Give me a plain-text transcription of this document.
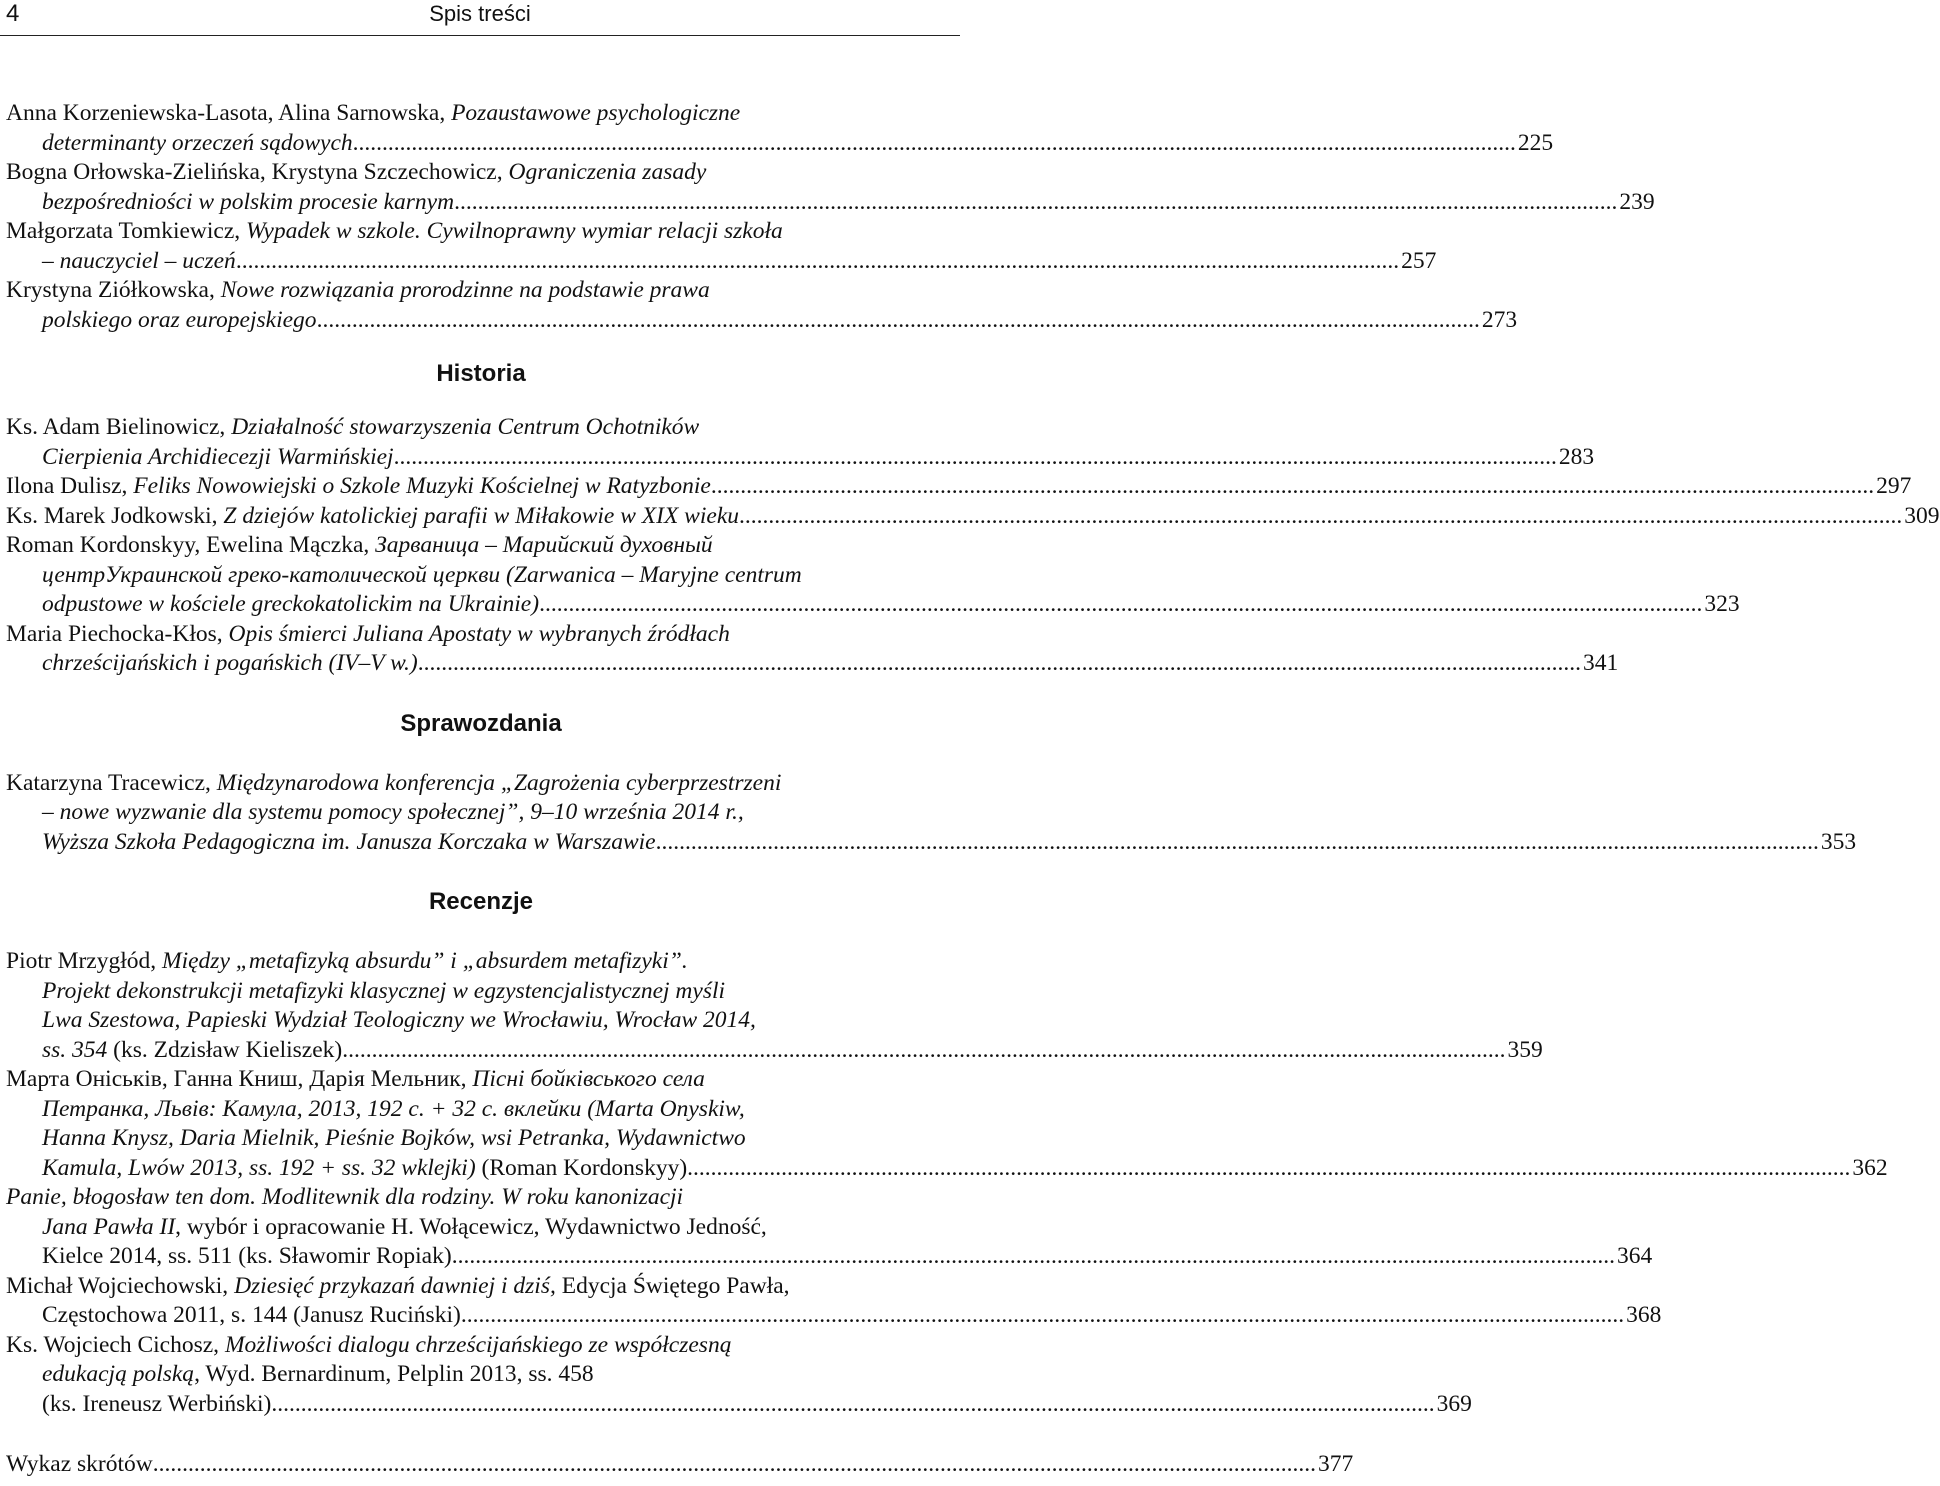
4	Spis treści
Anna Korzeniewska-Lasota, Alina Sarnowska, Pozaustawowe psychologiczne
determinanty orzeczeń sądowych .....	225
Bogna Orłowska-Zielińska, Krystyna Szczechowicz, Ograniczenia zasady
bezpośredniości w polskim procesie karnym .....	239
Małgorzata Tomkiewicz, Wypadek w szkole. Cywilnoprawny wymiar relacji szkoła
– nauczyciel – uczeń .....	257
Krystyna Ziółkowska, Nowe rozwiązania prorodzinne na podstawie prawa
polskiego oraz europejskiego .....	273
Historia
Ks. Adam Bielinowicz, Działalność stowarzyszenia Centrum Ochotników
Cierpienia Archidiecezji Warmińskiej .....	283
Ilona Dulisz, Feliks Nowowiejski o Szkole Muzyki Kościelnej w Ratyzbonie .....	297
Ks. Marek Jodkowski, Z dziejów katolickiej parafii w Miłakowie w XIX wieku .....	309
Roman Kordonskyy, Ewelina Mączka, Зарваница – Марийский духовный
центрУкраинской греко-католической церкви (Zarwanica – Maryjne centrum
odpustowe w kościele greckokatolickim na Ukrainie) .....	323
Maria Piechocka-Kłos, Opis śmierci Juliana Apostaty w wybranych źródłach
chrześcijańskich i pogańskich (IV–V w.) .....	341
Sprawozdania
Katarzyna Tracewicz, Międzynarodowa konferencja „Zagrożenia cyberprzestrzeni
– nowe wyzwanie dla systemu pomocy społecznej”, 9–10 września 2014 r.,
Wyższa Szkoła Pedagogiczna im. Janusza Korczaka w Warszawie .....	353
Recenzje
Piotr Mrzygłód, Między „metafizyką absurdu” i „absurdem metafizyki”.
Projekt dekonstrukcji metafizyki klasycznej w egzystencjalistycznej myśli
Lwa Szestowa, Papieski Wydział Teologiczny we Wrocławiu, Wrocław 2014,
ss. 354 (ks. Zdzisław Kieliszek) .....	359
Марта Онiськiв, Ганна Книш, Дарiя Мельник, Пiснi бойкiвського села
Петранка, Львiв: Камула, 2013, 192 с. + 32 с. вклейки (Marta Onyskiw,
Hanna Knysz, Daria Mielnik, Pieśnie Bojków, wsi Petranka, Wydawnictwo
Kamula, Lwów 2013, ss. 192 + ss. 32 wklejki) (Roman Kordonskyy) .....	362
Panie, błogosław ten dom. Modlitewnik dla rodziny. W roku kanonizacji
Jana Pawła II, wybór i opracowanie H. Wołącewicz, Wydawnictwo Jedność,
Kielce 2014, ss. 511 (ks. Sławomir Ropiak) .....	364
Michał Wojciechowski, Dziesięć przykazań dawniej i dziś, Edycja Świętego Pawła,
Częstochowa 2011, s. 144 (Janusz Ruciński) .....	368
Ks. Wojciech Cichosz, Możliwości dialogu chrześcijańskiego ze współczesną
edukacją polską, Wyd. Bernardinum, Pelplin 2013, ss. 458
(ks. Ireneusz Werbiński) .....	369
Wykaz skrótów .....	377
